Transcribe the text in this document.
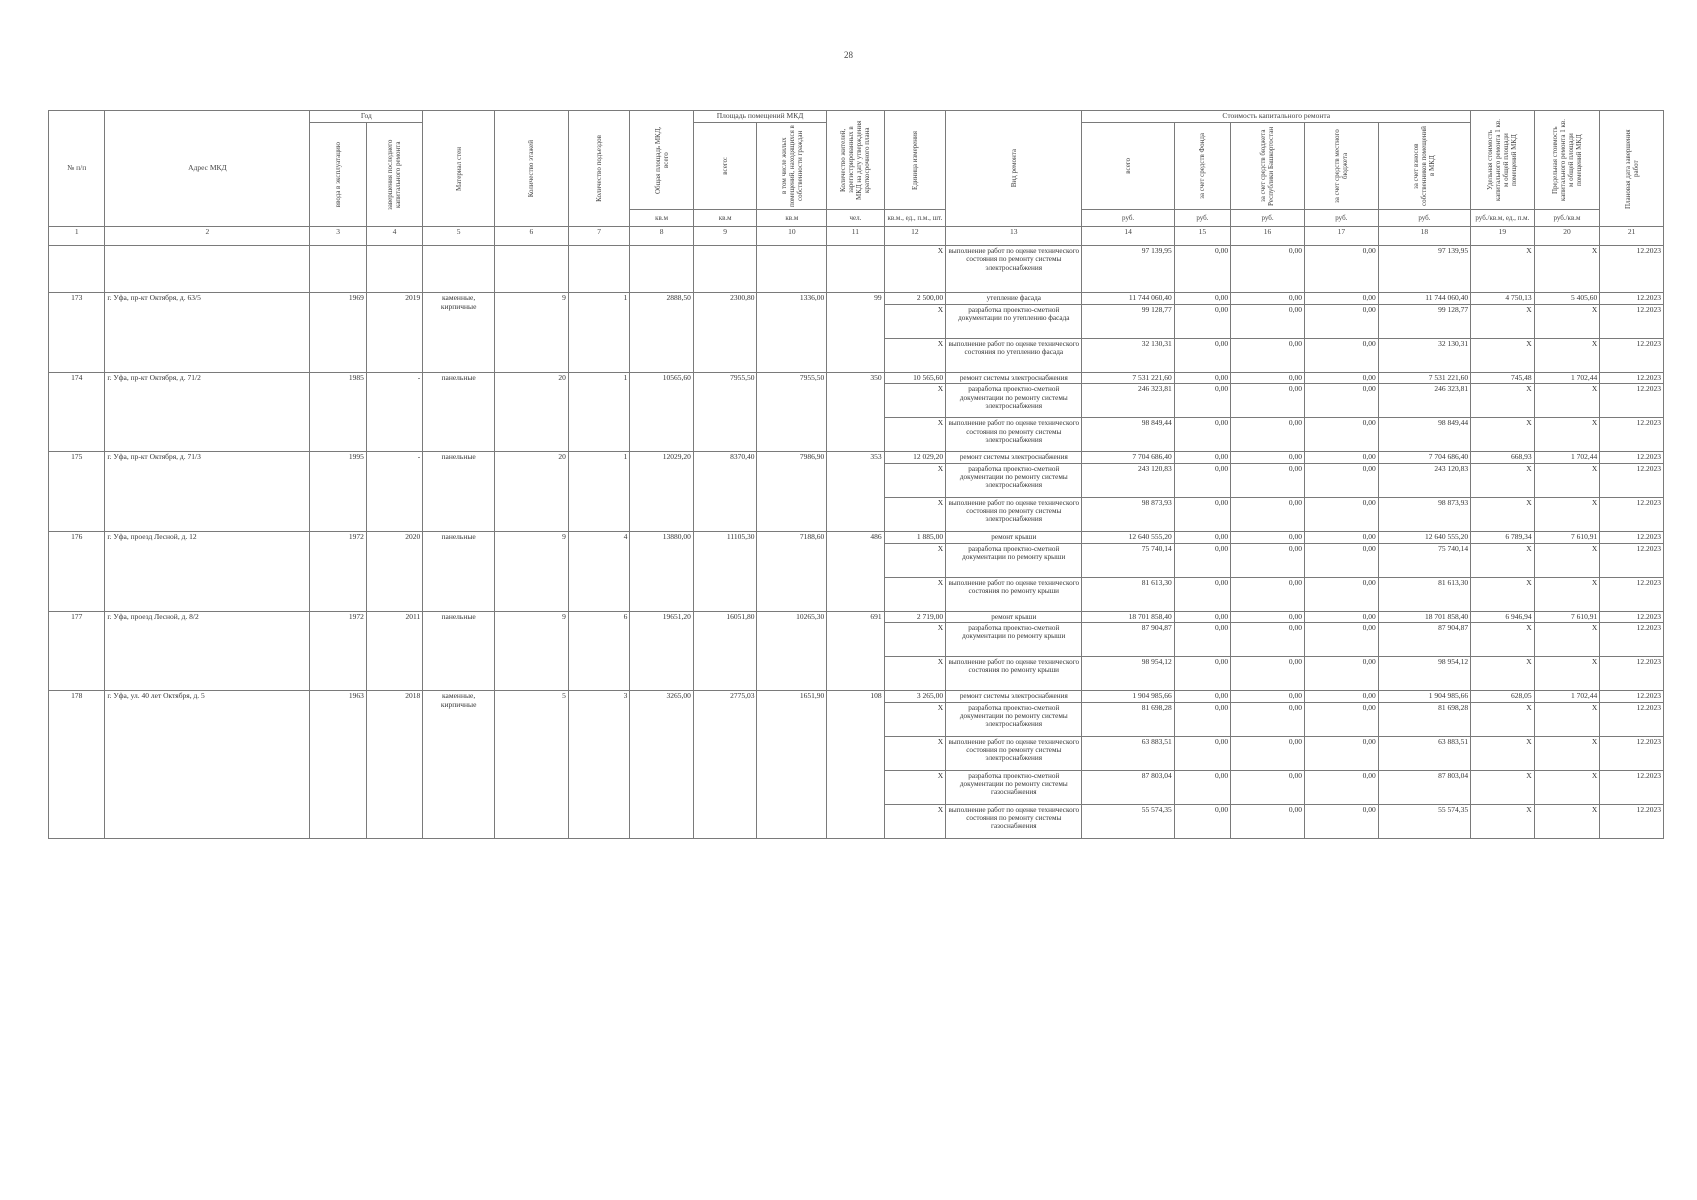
28
№ п/п	Адрес МКД	Год		Материал стен	Количество этажей	Количество подъездов	Общая площадь МКД, всего	Площадь помещений МКД		Количество жителей, зарегистрированных в МКД на дату утверждения краткосрочного плана	Единица измерения	Вид ремонта	Стоимость капитального ремонта					Удельная стоимость капитального ремонта 1 кв. м общей площади помещений МКД	Предельная стоимость капитального ремонта 1 кв. м общей площади помещений МКД	Плановая дата завершения работ

		ввода в эксплуатацию	завершения последнего капитального ремонта					всего:	в том числе жилых помещений, находящихся в собственности граждан				всего	за счет средств Фонда	за счет средств бюджета Республики Башкортостан	за счет средств местного бюджета	за счет взносов собственников помещений в МКД			

							кв.м	кв.м	кв.м	чел.	кв.м., ед., п.м., шт.		руб.	руб.	руб.	руб.	руб.	руб./кв.м, ед., п.м.	руб./кв.м	
1	2	3	4	5	6	7	8	9	10	11	12	13	14	15	16	17	18	19	20	21
											X	выполнение работ по оценке технического состояния по ремонту системы электроснабжения	97 139,95	0,00	0,00	0,00	97 139,95	X	X	12.2023
173	г. Уфа, пр-кт Октября, д. 63/5	1969	2019	каменные, кирпичные	9	1	2888,50	2300,80	1336,00	99	2 500,00	утепление фасада	11 744 060,40	0,00	0,00	0,00	11 744 060,40	4 750,13	5 405,60	12.2023
											X	разработка проектно-сметной документации по утеплению фасада	99 128,77	0,00	0,00	0,00	99 128,77	X	X	12.2023
											X	выполнение работ по оценке технического состояния по утеплению фасада	32 130,31	0,00	0,00	0,00	32 130,31	X	X	12.2023
174	г. Уфа, пр-кт Октября, д. 71/2	1985	-	панельные	20	1	10565,60	7955,50	7955,50	350	10 565,60	ремонт системы электроснабжения	7 531 221,60	0,00	0,00	0,00	7 531 221,60	745,48	1 702,44	12.2023
											X	разработка проектно-сметной документации по ремонту системы электроснабжения	246 323,81	0,00	0,00	0,00	246 323,81	X	X	12.2023
											X	выполнение работ по оценке технического состояния по ремонту системы электроснабжения	98 849,44	0,00	0,00	0,00	98 849,44	X	X	12.2023
175	г. Уфа, пр-кт Октября, д. 71/3	1995	-	панельные	20	1	12029,20	8370,40	7986,90	353	12 029,20	ремонт системы электроснабжения	7 704 686,40	0,00	0,00	0,00	7 704 686,40	668,93	1 702,44	12.2023
											X	разработка проектно-сметной документации по ремонту системы электроснабжения	243 120,83	0,00	0,00	0,00	243 120,83	X	X	12.2023
											X	выполнение работ по оценке технического состояния по ремонту системы электроснабжения	98 873,93	0,00	0,00	0,00	98 873,93	X	X	12.2023
176	г. Уфа, проезд Лесной, д. 12	1972	2020	панельные	9	4	13880,00	11105,30	7188,60	486	1 885,00	ремонт крыши	12 640 555,20	0,00	0,00	0,00	12 640 555,20	6 789,34	7 610,91	12.2023
											X	разработка проектно-сметной документации по ремонту крыши	75 740,14	0,00	0,00	0,00	75 740,14	X	X	12.2023
											X	выполнение работ по оценке технического состояния по ремонту крыши	81 613,30	0,00	0,00	0,00	81 613,30	X	X	12.2023
177	г. Уфа, проезд Лесной, д. 8/2	1972	2011	панельные	9	6	19651,20	16051,80	10265,30	691	2 719,00	ремонт крыши	18 701 858,40	0,00	0,00	0,00	18 701 858,40	6 946,94	7 610,91	12.2023
											X	разработка проектно-сметной документации по ремонту крыши	87 904,87	0,00	0,00	0,00	87 904,87	X	X	12.2023
											X	выполнение работ по оценке технического состояния по ремонту крыши	98 954,12	0,00	0,00	0,00	98 954,12	X	X	12.2023
178	г. Уфа, ул. 40 лет Октября, д. 5	1963	2018	каменные, кирпичные	5	3	3265,00	2775,03	1651,90	108	3 265,00	ремонт системы электроснабжения	1 904 985,66	0,00	0,00	0,00	1 904 985,66	628,05	1 702,44	12.2023
											X	разработка проектно-сметной документации по ремонту системы электроснабжения	81 698,28	0,00	0,00	0,00	81 698,28	X	X	12.2023
											X	выполнение работ по оценке технического состояния по ремонту системы электроснабжения	63 883,51	0,00	0,00	0,00	63 883,51	X	X	12.2023
											X	разработка проектно-сметной документации по ремонту системы газоснабжения	87 803,04	0,00	0,00	0,00	87 803,04	X	X	12.2023
											X	выполнение работ по оценке технического состояния по ремонту системы газоснабжения	55 574,35	0,00	0,00	0,00	55 574,35	X	X	12.2023
